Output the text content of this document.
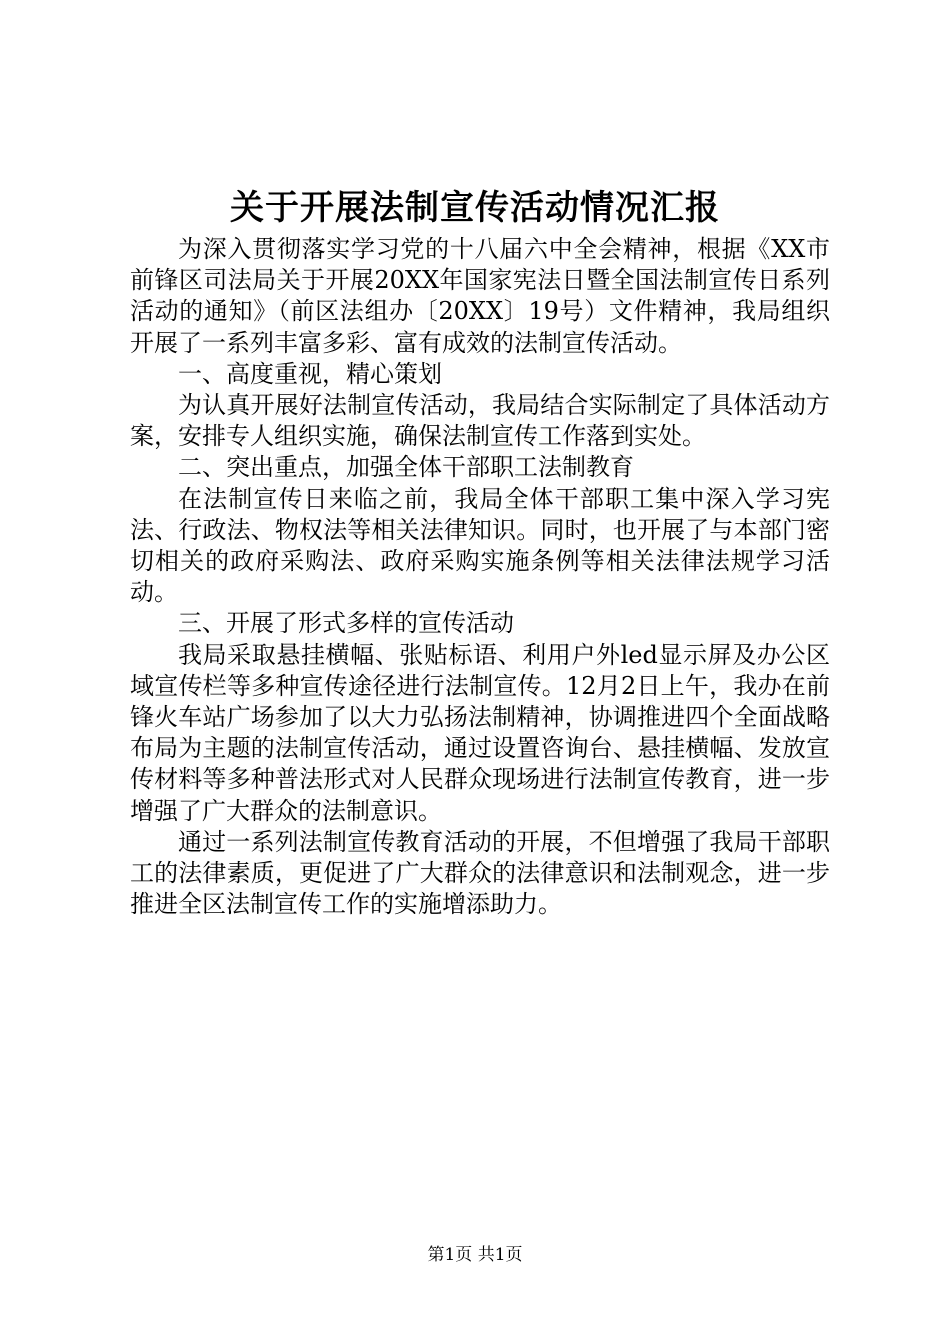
关于开展法制宣传活动情况汇报

为深入贯彻落实学习党的十八届六中全会精神，根据《XX市前锋区司法局关于开展20XX年国家宪法日暨全国法制宣传日系列活动的通知》（前区法组办〔20XX〕19号）文件精神，我局组织开展了一系列丰富多彩、富有成效的法制宣传活动。

一、高度重视，精心策划

为认真开展好法制宣传活动，我局结合实际制定了具体活动方案，安排专人组织实施，确保法制宣传工作落到实处。

二、突出重点，加强全体干部职工法制教育

在法制宣传日来临之前，我局全体干部职工集中深入学习宪法、行政法、物权法等相关法律知识。同时，也开展了与本部门密切相关的政府采购法、政府采购实施条例等相关法律法规学习活动。

三、开展了形式多样的宣传活动

我局采取悬挂横幅、张贴标语、利用户外led显示屏及办公区域宣传栏等多种宣传途径进行法制宣传。12月2日上午，我办在前锋火车站广场参加了以大力弘扬法制精神，协调推进四个全面战略布局为主题的法制宣传活动，通过设置咨询台、悬挂横幅、发放宣传材料等多种普法形式对人民群众现场进行法制宣传教育，进一步增强了广大群众的法制意识。

通过一系列法制宣传教育活动的开展，不但增强了我局干部职工的法律素质，更促进了广大群众的法律意识和法制观念，进一步推进全区法制宣传工作的实施增添助力。

第1页 共1页
